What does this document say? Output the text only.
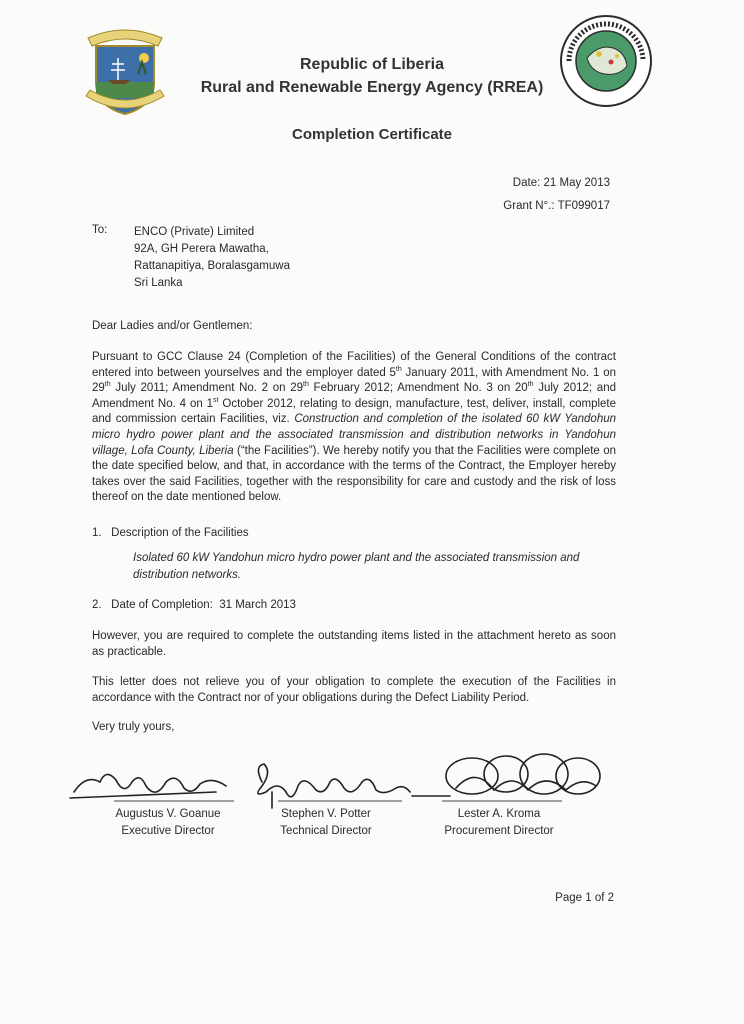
Republic of Liberia
Rural and Renewable Energy Agency (RREA)
Completion Certificate
Date: 21 May 2013
Grant N°.: TF099017
To: ENCO (Private) Limited
92A, GH Perera Mawatha,
Rattanapitiya, Boralasgamuwa
Sri Lanka
Dear Ladies and/or Gentlemen:
Pursuant to GCC Clause 24 (Completion of the Facilities) of the General Conditions of the contract entered into between yourselves and the employer dated 5th January 2011, with Amendment No. 1 on 29th July 2011; Amendment No. 2 on 29th February 2012; Amendment No. 3 on 20th July 2012; and Amendment No. 4 on 1st October 2012, relating to design, manufacture, test, deliver, install, complete and commission certain Facilities, viz. Construction and completion of the isolated 60 kW Yandohun micro hydro power plant and the associated transmission and distribution networks in Yandohun village, Lofa County, Liberia (“the Facilities”). We hereby notify you that the Facilities were complete on the date specified below, and that, in accordance with the terms of the Contract, the Employer hereby takes over the said Facilities, together with the responsibility for care and custody and the risk of loss thereof on the date mentioned below.
1.   Description of the Facilities
Isolated 60 kW Yandohun micro hydro power plant and the associated transmission and distribution networks.
2.   Date of Completion: 31 March 2013
However, you are required to complete the outstanding items listed in the attachment hereto as soon as practicable.
This letter does not relieve you of your obligation to complete the execution of the Facilities in accordance with the Contract nor of your obligations during the Defect Liability Period.
Very truly yours,
Augustus V. Goanue
Executive Director
Stephen V. Potter
Technical Director
Lester A. Kroma
Procurement Director
Page 1 of 2
